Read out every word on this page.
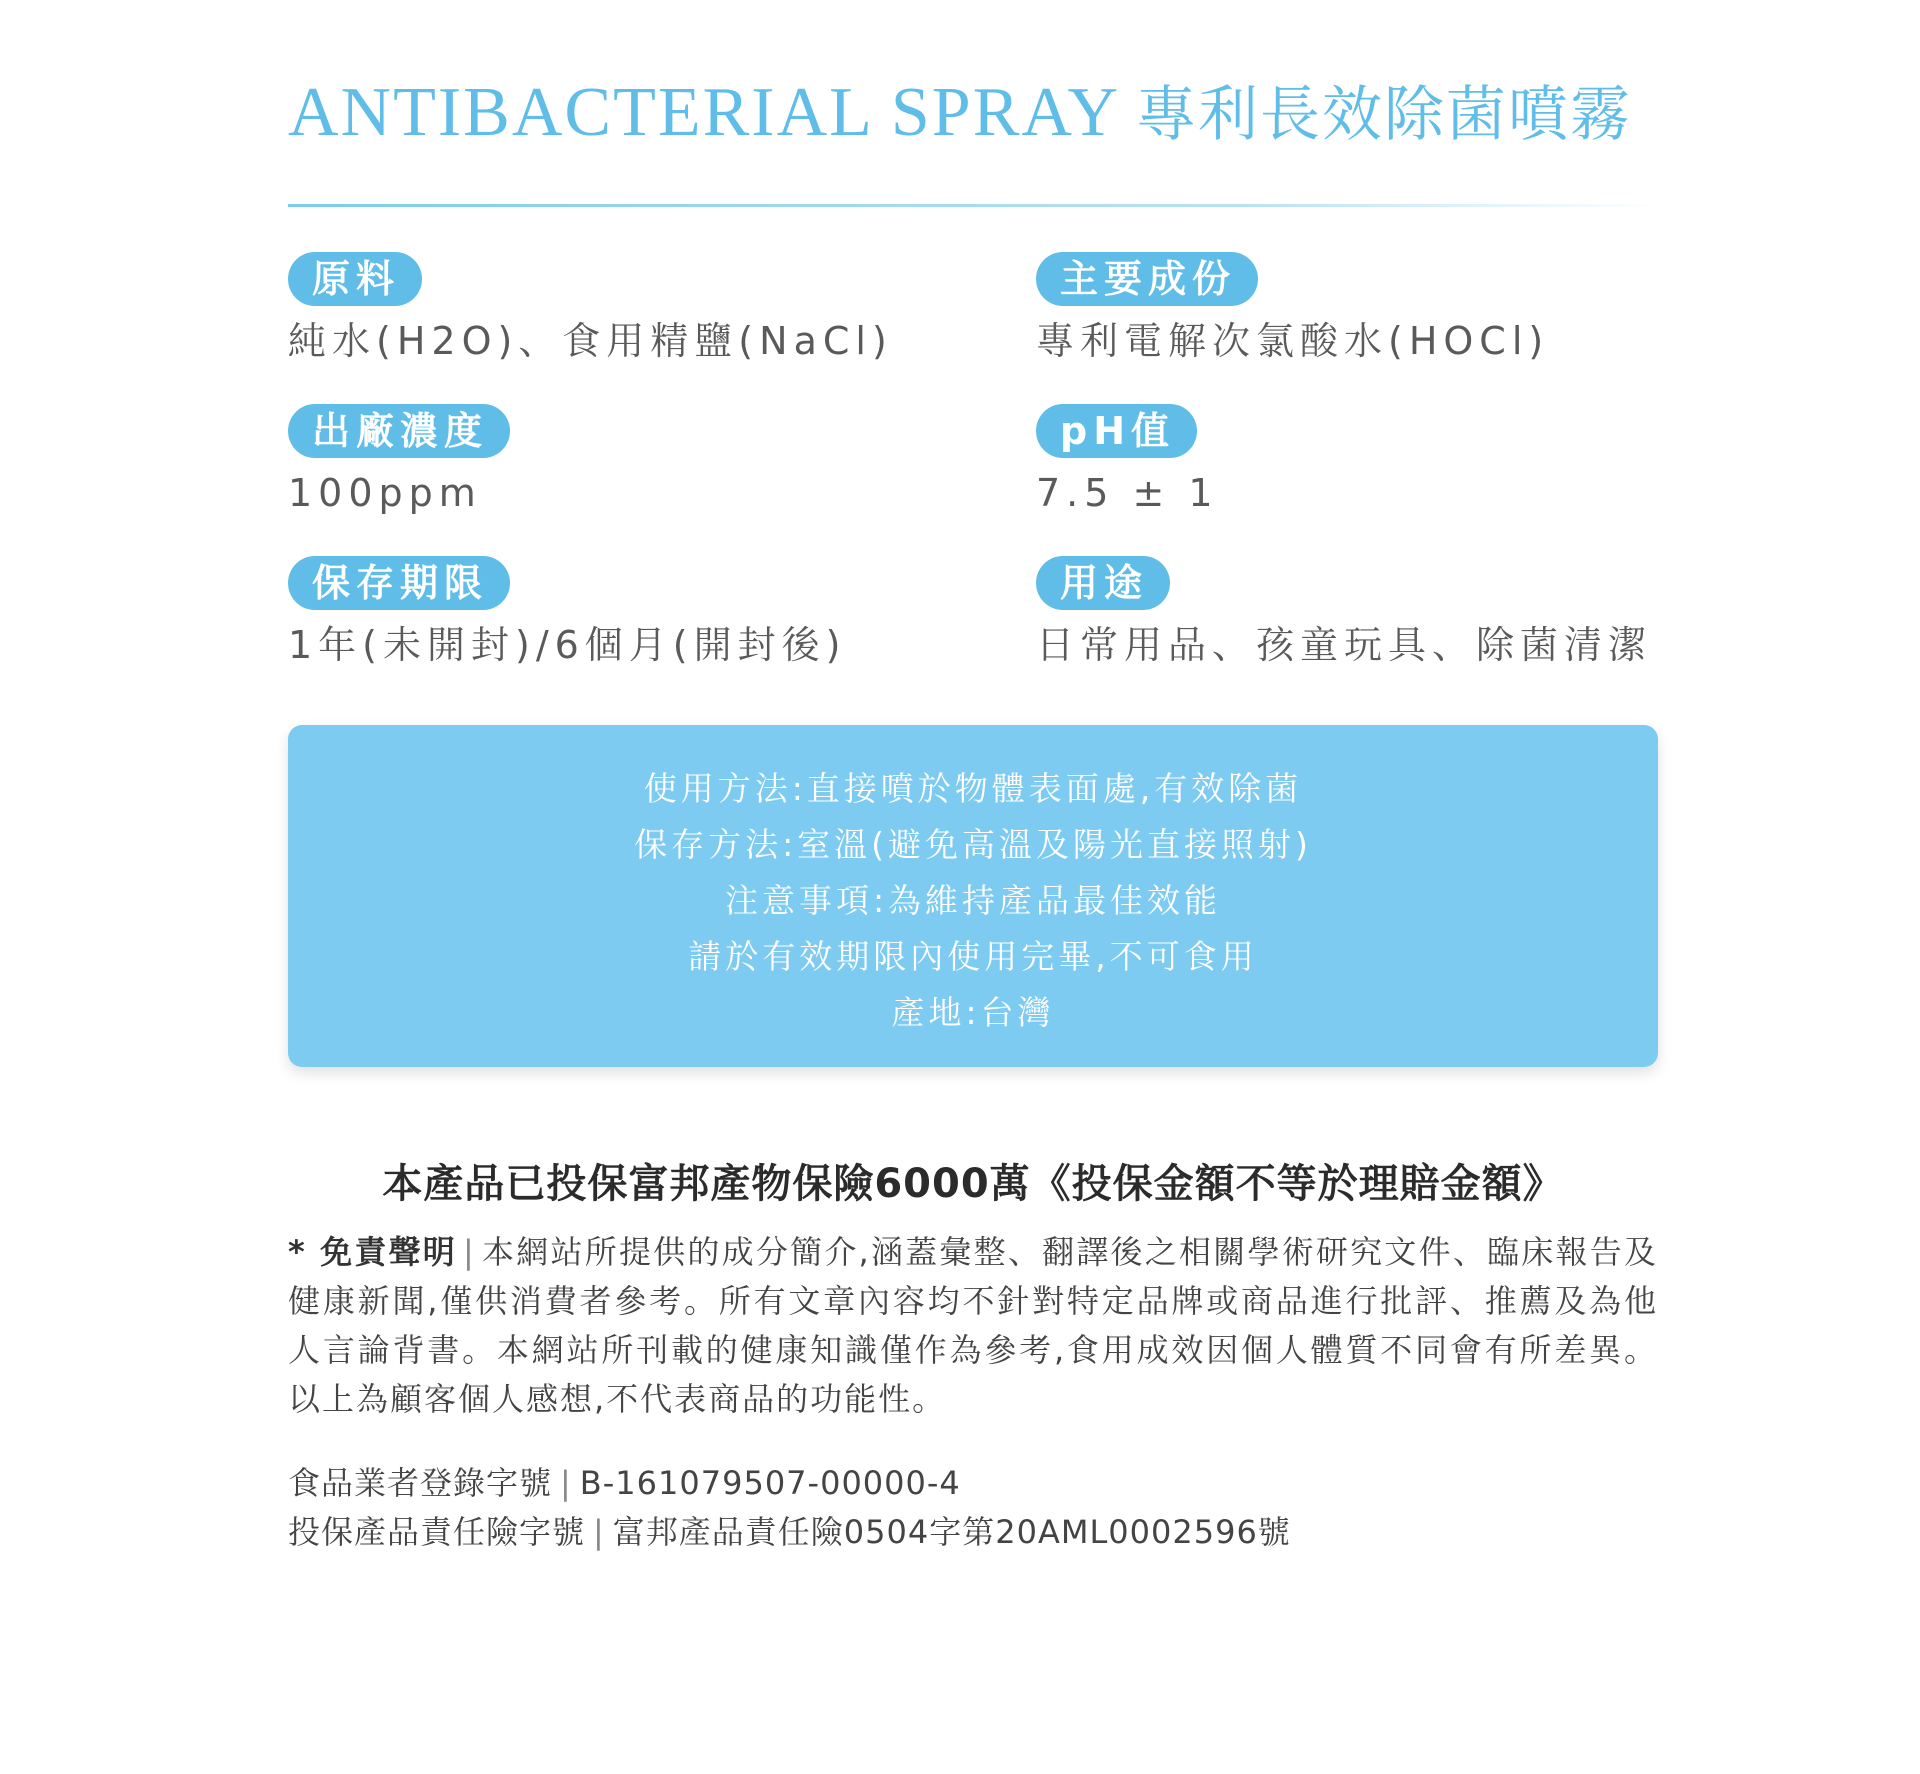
ANTIBACTERIAL SPRAY 專利長效除菌噴霧
原料
純水(H2O)、食用精鹽(NaCl)
主要成份
專利電解次氯酸水(HOCl)
出廠濃度
100ppm
pH值
7.5 ± 1
保存期限
1年(未開封)/6個月(開封後)
用途
日常用品、孩童玩具、除菌清潔
使用方法:直接噴於物體表面處,有效除菌
保存方法:室溫(避免高溫及陽光直接照射)
注意事項:為維持產品最佳效能
請於有效期限內使用完畢,不可食用
產地:台灣
本產品已投保富邦產物保險6000萬《投保金額不等於理賠金額》
* 免責聲明 | 本網站所提供的成分簡介,涵蓋彙整、翻譯後之相關學術研究文件、臨床報告及健康新聞,僅供消費者參考。所有文章內容均不針對特定品牌或商品進行批評、推薦及為他人言論背書。本網站所刊載的健康知識僅作為參考,食用成效因個人體質不同會有所差異。以上為顧客個人感想,不代表商品的功能性。
食品業者登錄字號 | B-161079507-00000-4
投保產品責任險字號 | 富邦產品責任險0504字第20AML0002596號
